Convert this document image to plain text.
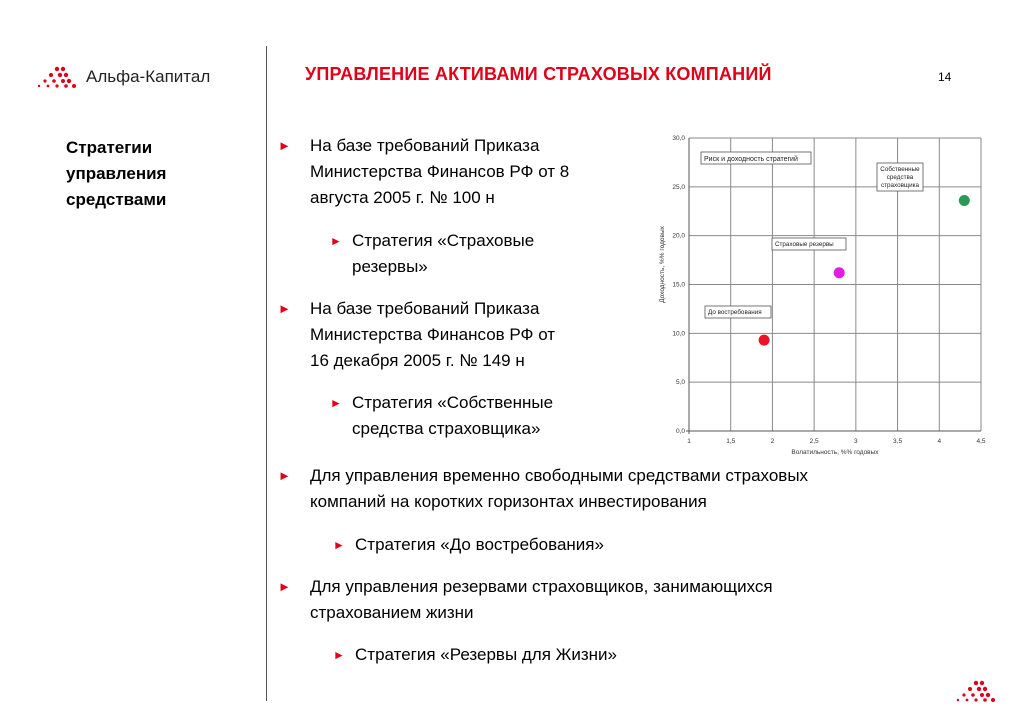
Альфа-Капитал	УПРАВЛЕНИЕ АКТИВАМИ СТРАХОВЫХ КОМПАНИЙ	14
Стратегии
управления
средствами
► На базе требований Приказа
Министерства Финансов РФ от 8
августа 2005 г. № 100 н
► Стратегия «Страховые
резервы»
► На базе требований Приказа
Министерства Финансов РФ от
16 декабря 2005 г. № 149 н
► Стратегия «Собственные
средства страховщика»
► Для управления временно свободными средствами страховых
компаний на коротких горизонтах инвестирования
► Стратегия «До востребования»
► Для управления резервами страховщиков, занимающихся
страхованием жизни
► Стратегия «Резервы для Жизни»
1	1,5	2	2,5	3	3,5	4	4,5
0,0
5,0
10,0
15,0
20,0
25,0
30,0
Волатильность, %% годовых
Доходность, %% годовых
Риск и доходность стратегий
До востребования
Страховые резервы
Собственные
средства
страховщика
